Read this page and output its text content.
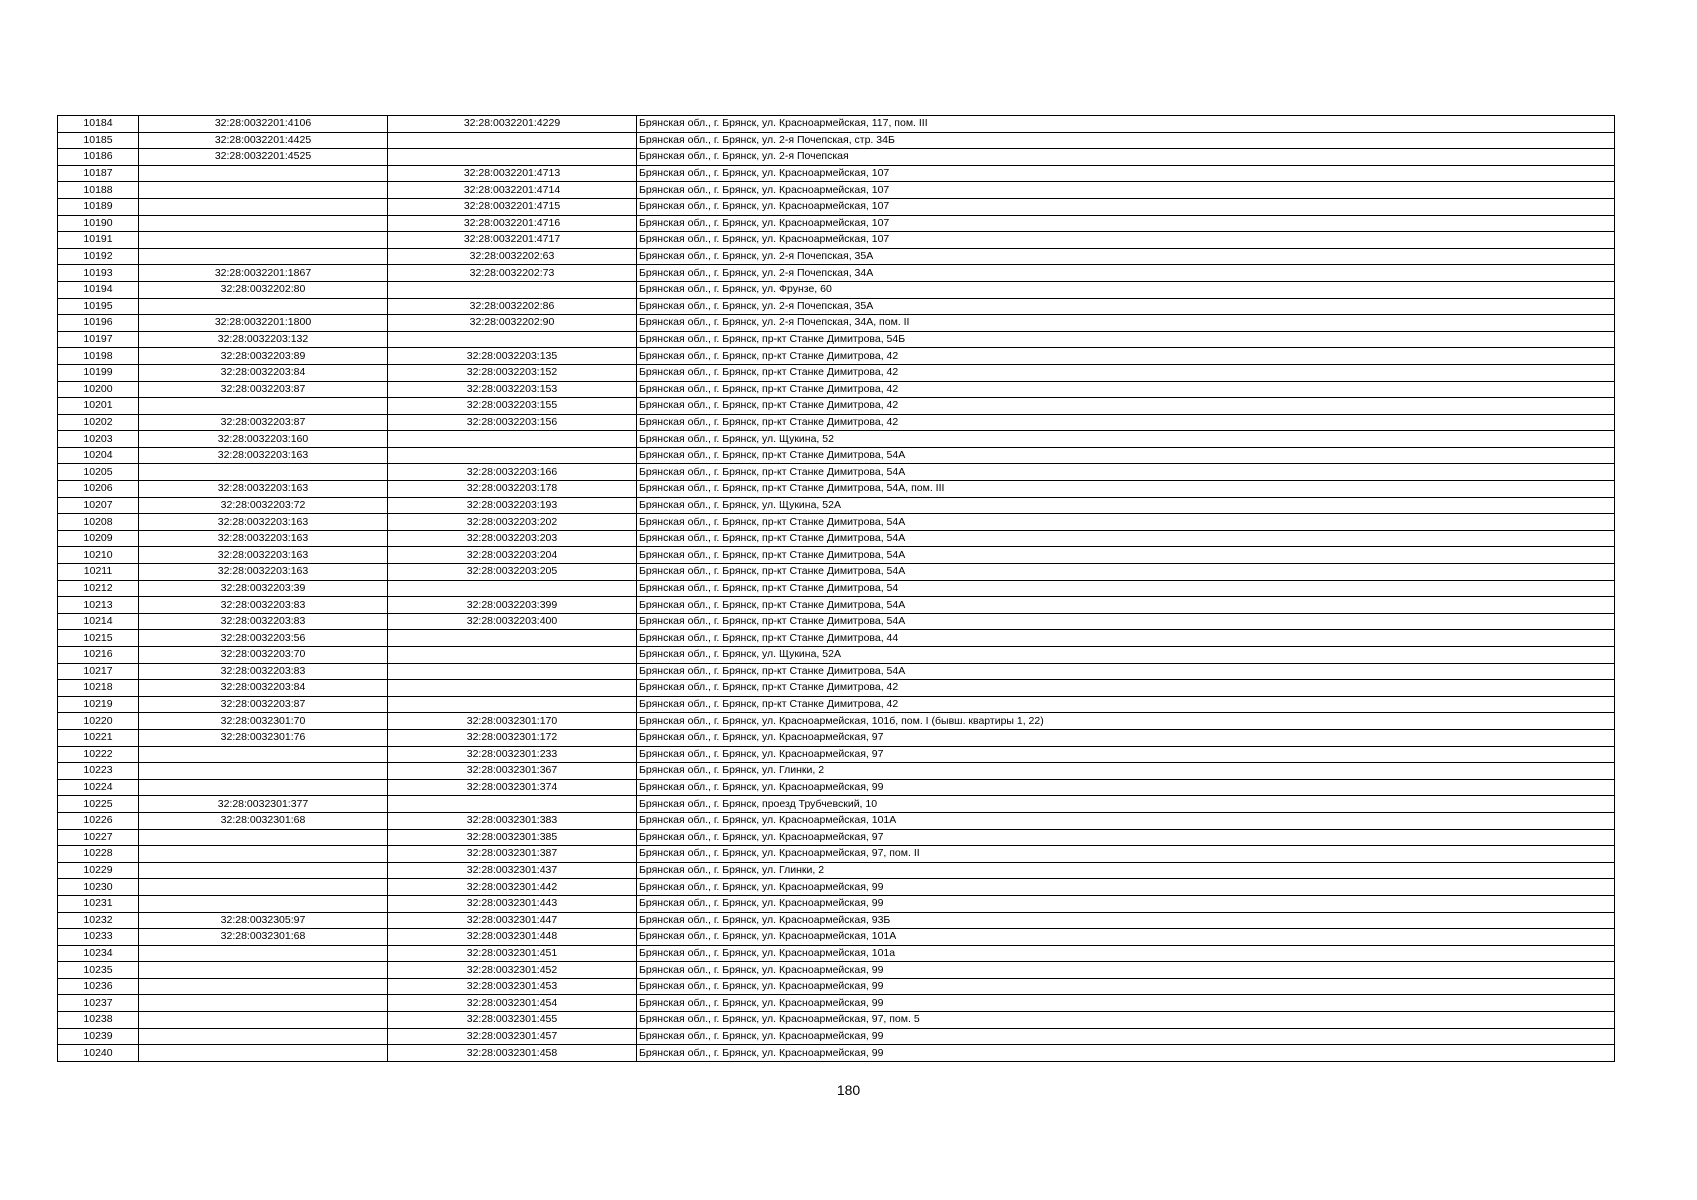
10184	32:28:0032201:4106	32:28:0032201:4229	Брянская обл., г. Брянск, ул. Красноармейская, 117, пом. III
10185	32:28:0032201:4425		Брянская обл., г. Брянск, ул. 2-я Почепская, стр. 34Б
10186	32:28:0032201:4525		Брянская обл., г. Брянск, ул. 2-я Почепская
10187		32:28:0032201:4713	Брянская обл., г. Брянск, ул. Красноармейская, 107
10188		32:28:0032201:4714	Брянская обл., г. Брянск, ул. Красноармейская, 107
10189		32:28:0032201:4715	Брянская обл., г. Брянск, ул. Красноармейская, 107
10190		32:28:0032201:4716	Брянская обл., г. Брянск, ул. Красноармейская, 107
10191		32:28:0032201:4717	Брянская обл., г. Брянск, ул. Красноармейская, 107
10192		32:28:0032202:63	Брянская обл., г. Брянск, ул. 2-я Почепская, 35А
10193	32:28:0032201:1867	32:28:0032202:73	Брянская обл., г. Брянск, ул. 2-я Почепская, 34А
10194	32:28:0032202:80		Брянская обл., г. Брянск, ул. Фрунзе, 60
10195		32:28:0032202:86	Брянская обл., г. Брянск, ул. 2-я Почепская, 35А
10196	32:28:0032201:1800	32:28:0032202:90	Брянская обл., г. Брянск, ул. 2-я Почепская, 34А, пом. II
10197	32:28:0032203:132		Брянская обл., г. Брянск, пр-кт Станке Димитрова, 54Б
10198	32:28:0032203:89	32:28:0032203:135	Брянская обл., г. Брянск, пр-кт Станке Димитрова, 42
10199	32:28:0032203:84	32:28:0032203:152	Брянская обл., г. Брянск, пр-кт Станке Димитрова, 42
10200	32:28:0032203:87	32:28:0032203:153	Брянская обл., г. Брянск, пр-кт Станке Димитрова, 42
10201		32:28:0032203:155	Брянская обл., г. Брянск, пр-кт Станке Димитрова, 42
10202	32:28:0032203:87	32:28:0032203:156	Брянская обл., г. Брянск, пр-кт Станке Димитрова, 42
10203	32:28:0032203:160		Брянская обл., г. Брянск, ул. Щукина, 52
10204	32:28:0032203:163		Брянская обл., г. Брянск, пр-кт Станке Димитрова, 54А
10205		32:28:0032203:166	Брянская обл., г. Брянск, пр-кт Станке Димитрова, 54А
10206	32:28:0032203:163	32:28:0032203:178	Брянская обл., г. Брянск, пр-кт Станке Димитрова, 54А, пом. III
10207	32:28:0032203:72	32:28:0032203:193	Брянская обл., г. Брянск, ул. Щукина, 52А
10208	32:28:0032203:163	32:28:0032203:202	Брянская обл., г. Брянск, пр-кт Станке Димитрова, 54А
10209	32:28:0032203:163	32:28:0032203:203	Брянская обл., г. Брянск, пр-кт Станке Димитрова, 54А
10210	32:28:0032203:163	32:28:0032203:204	Брянская обл., г. Брянск, пр-кт Станке Димитрова, 54А
10211	32:28:0032203:163	32:28:0032203:205	Брянская обл., г. Брянск, пр-кт Станке Димитрова, 54А
10212	32:28:0032203:39		Брянская обл., г. Брянск, пр-кт Станке Димитрова, 54
10213	32:28:0032203:83	32:28:0032203:399	Брянская обл., г. Брянск, пр-кт Станке Димитрова, 54А
10214	32:28:0032203:83	32:28:0032203:400	Брянская обл., г. Брянск, пр-кт Станке Димитрова, 54А
10215	32:28:0032203:56		Брянская обл., г. Брянск, пр-кт Станке Димитрова, 44
10216	32:28:0032203:70		Брянская обл., г. Брянск, ул. Щукина, 52А
10217	32:28:0032203:83		Брянская обл., г. Брянск, пр-кт Станке Димитрова, 54А
10218	32:28:0032203:84		Брянская обл., г. Брянск, пр-кт Станке Димитрова, 42
10219	32:28:0032203:87		Брянская обл., г. Брянск, пр-кт Станке Димитрова, 42
10220	32:28:0032301:70	32:28:0032301:170	Брянская обл., г. Брянск, ул. Красноармейская, 101б, пом. I (бывш. квартиры 1, 22)
10221	32:28:0032301:76	32:28:0032301:172	Брянская обл., г. Брянск, ул. Красноармейская, 97
10222		32:28:0032301:233	Брянская обл., г. Брянск, ул. Красноармейская, 97
10223		32:28:0032301:367	Брянская обл., г. Брянск, ул. Глинки, 2
10224		32:28:0032301:374	Брянская обл., г. Брянск, ул. Красноармейская, 99
10225	32:28:0032301:377		Брянская обл., г. Брянск, проезд Трубчевский, 10
10226	32:28:0032301:68	32:28:0032301:383	Брянская обл., г. Брянск, ул. Красноармейская, 101А
10227		32:28:0032301:385	Брянская обл., г. Брянск, ул. Красноармейская, 97
10228		32:28:0032301:387	Брянская обл., г. Брянск, ул. Красноармейская, 97, пом. II
10229		32:28:0032301:437	Брянская обл., г. Брянск, ул. Глинки, 2
10230		32:28:0032301:442	Брянская обл., г. Брянск, ул. Красноармейская, 99
10231		32:28:0032301:443	Брянская обл., г. Брянск, ул. Красноармейская, 99
10232	32:28:0032305:97	32:28:0032301:447	Брянская обл., г. Брянск, ул. Красноармейская, 93Б
10233	32:28:0032301:68	32:28:0032301:448	Брянская обл., г. Брянск, ул. Красноармейская, 101А
10234		32:28:0032301:451	Брянская обл., г. Брянск, ул. Красноармейская, 101а
10235		32:28:0032301:452	Брянская обл., г. Брянск, ул. Красноармейская, 99
10236		32:28:0032301:453	Брянская обл., г. Брянск, ул. Красноармейская, 99
10237		32:28:0032301:454	Брянская обл., г. Брянск, ул. Красноармейская, 99
10238		32:28:0032301:455	Брянская обл., г. Брянск, ул. Красноармейская, 97, пом. 5
10239		32:28:0032301:457	Брянская обл., г. Брянск, ул. Красноармейская, 99
10240		32:28:0032301:458	Брянская обл., г. Брянск, ул. Красноармейская, 99
180
